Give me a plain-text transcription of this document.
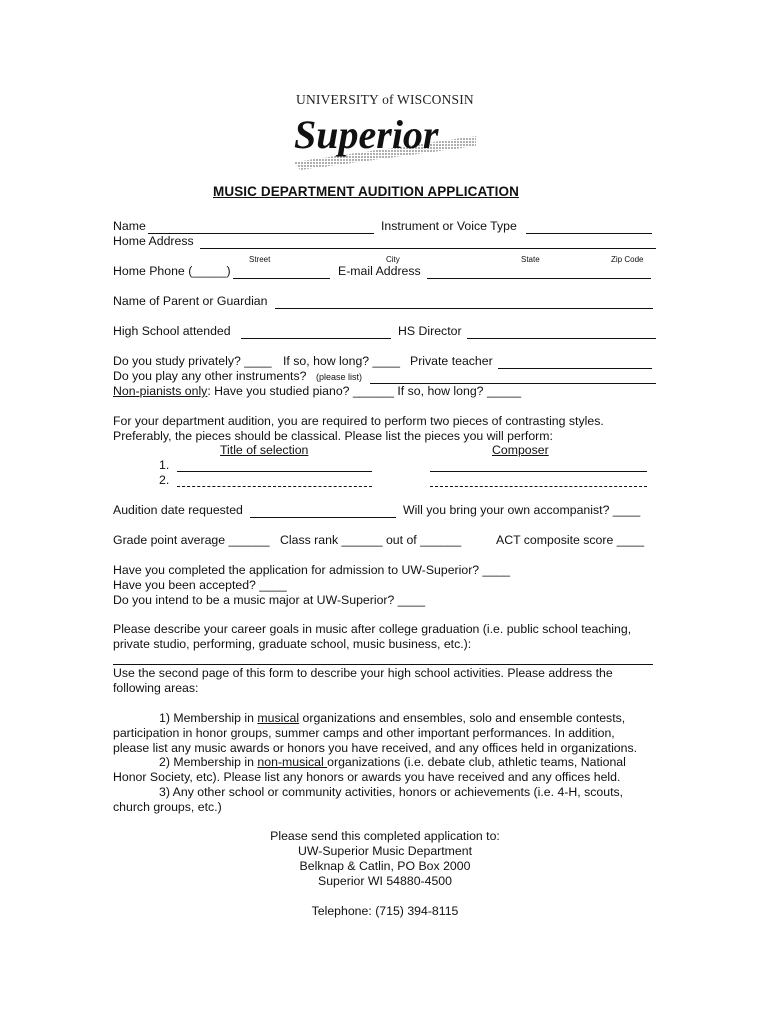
UNIVERSITY of WISCONSIN
Superior
MUSIC DEPARTMENT AUDITION APPLICATION
Name	Instrument or Voice Type
Home Address
Street	City	State	Zip Code
Home Phone (_____)	E-mail Address
Name of Parent or Guardian
High School attended	HS Director
Do you study privately? ____ If so, how long? ____ Private teacher
Do you play any other instruments? (please list)
Non-pianists only: Have you studied piano? ______ If so, how long? _____
For your department audition, you are required to perform two pieces of contrasting styles.
Preferably, the pieces should be classical. Please list the pieces you will perform:
Title of selection	Composer
1.
2.
Audition date requested	Will you bring your own accompanist? ____
Grade point average ______ Class rank ______ out of ______	ACT composite score ____
Have you completed the application for admission to UW-Superior? ____
Have you been accepted? ____
Do you intend to be a music major at UW-Superior? ____
Please describe your career goals in music after college graduation (i.e. public school teaching,
private studio, performing, graduate school, music business, etc.):
Use the second page of this form to describe your high school activities. Please address the
following areas:
1) Membership in musical organizations and ensembles, solo and ensemble contests,
participation in honor groups, summer camps and other important performances. In addition,
please list any music awards or honors you have received, and any offices held in organizations.
2) Membership in non-musical organizations (i.e. debate club, athletic teams, National
Honor Society, etc). Please list any honors or awards you have received and any offices held.
3) Any other school or community activities, honors or achievements (i.e. 4-H, scouts,
church groups, etc.)
Please send this completed application to:
UW-Superior Music Department
Belknap & Catlin, PO Box 2000
Superior WI 54880-4500
Telephone: (715) 394-8115
